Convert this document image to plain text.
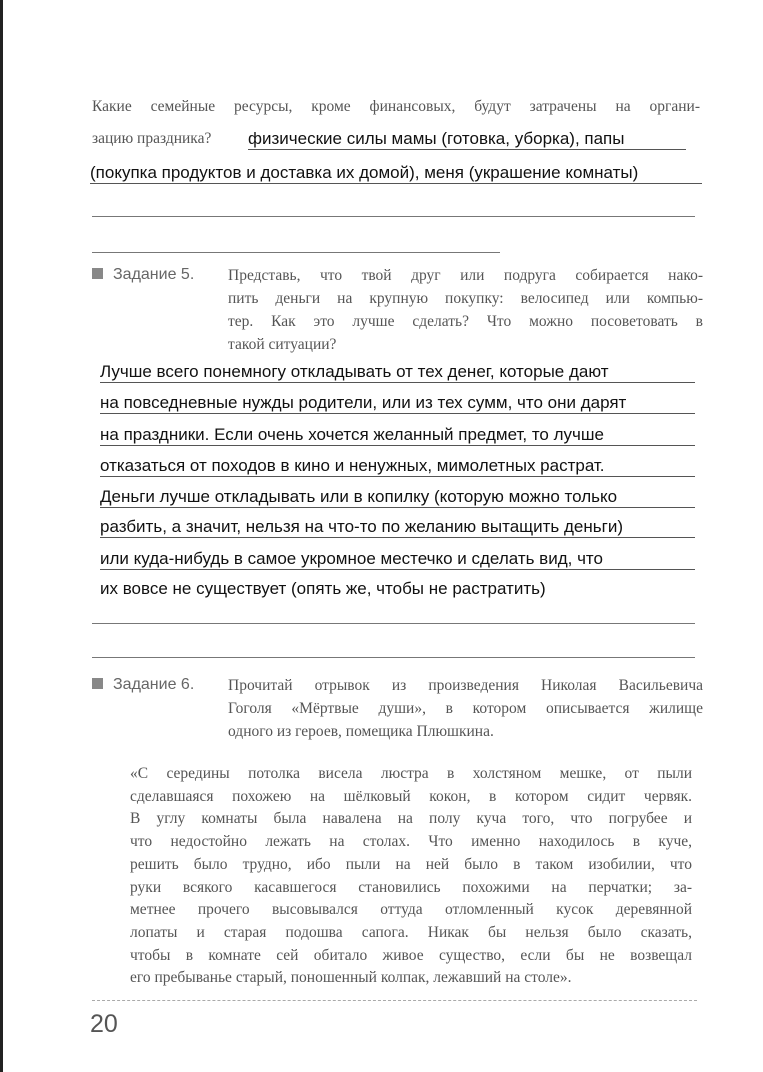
Какие семейные ресурсы, кроме финансовых, будут затрачены на органи-
зацию праздника? физические силы мамы (готовка, уборка), папы
(покупка продуктов и доставка их домой), меня (украшение комнаты)
Задание 5. Представь, что твой друг или подруга собирается нако-
пить деньги на крупную покупку: велосипед или компью-
тер. Как это лучше сделать? Что можно посоветовать в
такой ситуации?
Лучше всего понемногу откладывать от тех денег, которые дают
на повседневные нужды родители, или из тех сумм, что они дарят
на праздники. Если очень хочется желанный предмет, то лучше
отказаться от походов в кино и ненужных, мимолетных растрат.
Деньги лучше откладывать или в копилку (которую можно только
разбить, а значит, нельзя на что-то по желанию вытащить деньги)
или куда-нибудь в самое укромное местечко и сделать вид, что
их вовсе не существует (опять же, чтобы не растратить)
Задание 6. Прочитай отрывок из произведения Николая Васильевича
Гоголя «Мёртвые души», в котором описывается жилище
одного из героев, помещика Плюшкина.
«С середины потолка висела люстра в холстяном мешке, от пыли
сделавшаяся похожею на шёлковый кокон, в котором сидит червяк.
В углу комнаты была навалена на полу куча того, что погрубее и
что недостойно лежать на столах. Что именно находилось в куче,
решить было трудно, ибо пыли на ней было в таком изобилии, что
руки всякого касавшегося становились похожими на перчатки; за-
метнее прочего высовывался оттуда отломленный кусок деревянной
лопаты и старая подошва сапога. Никак бы нельзя было сказать,
чтобы в комнате сей обитало живое существо, если бы не возвещал
его пребыванье старый, поношенный колпак, лежавший на столе».
20
